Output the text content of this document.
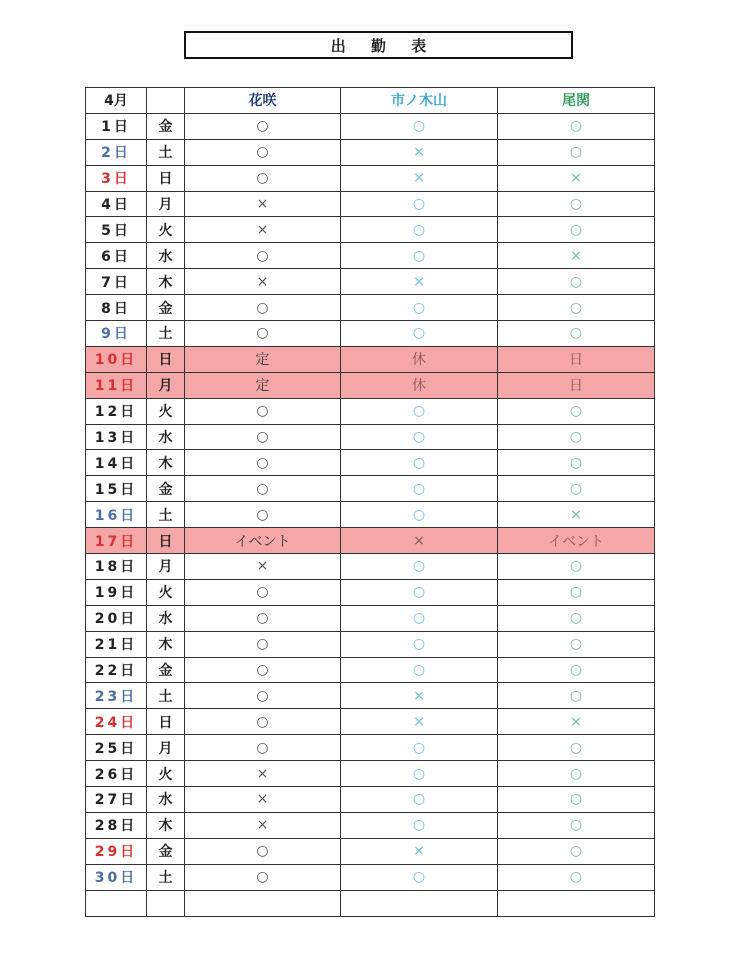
出 勤 表
4月		花咲	市ノ木山	尾関
1日	金	○	○	○
2日	土	○	×	○
3日	日	○	×	×
4日	月	×	○	○
5日	火	×	○	○
6日	水	○	○	×
7日	木	×	×	○
8日	金	○	○	○
9日	土	○	○	○
10日	日	定	休	日
11日	月	定	休	日
12日	火	○	○	○
13日	水	○	○	○
14日	木	○	○	○
15日	金	○	○	○
16日	土	○	○	×
17日	日	イベント	×	イベント
18日	月	×	○	○
19日	火	○	○	○
20日	水	○	○	○
21日	木	○	○	○
22日	金	○	○	○
23日	土	○	×	○
24日	日	○	×	×
25日	月	○	○	○
26日	火	×	○	○
27日	水	×	○	○
28日	木	×	○	○
29日	金	○	×	○
30日	土	○	○	○
